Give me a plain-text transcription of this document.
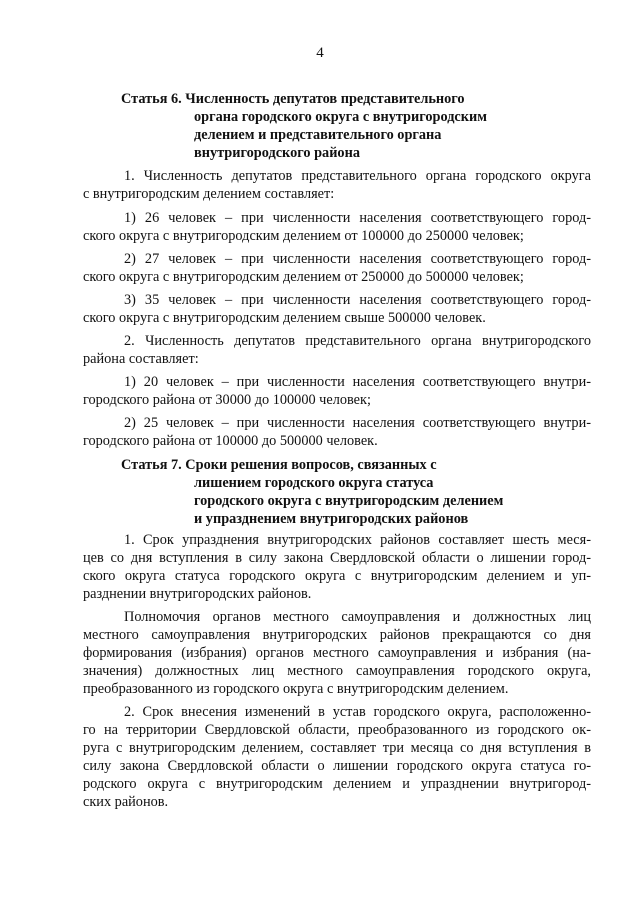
4
Статья 6. Численность депутатов представительного
органа городского округа с внутригородским
делением и представительного органа
внутригородского района
1. Численность депутатов представительного органа городского округа
с внутригородским делением составляет:
1) 26 человек – при численности населения соответствующего город-
ского округа с внутригородским делением от 100000 до 250000 человек;
2) 27 человек – при численности населения соответствующего город-
ского округа с внутригородским делением от 250000 до 500000 человек;
3) 35 человек – при численности населения соответствующего город-
ского округа с внутригородским делением свыше 500000 человек.
2. Численность депутатов представительного органа внутригородского
района составляет:
1) 20 человек – при численности населения соответствующего внутри-
городского района от 30000 до 100000 человек;
2) 25 человек – при численности населения соответствующего внутри-
городского района от 100000 до 500000 человек.
Статья 7. Сроки решения вопросов, связанных с
лишением городского округа статуса
городского округа с внутригородским делением
и упразднением внутригородских районов
1. Срок упразднения внутригородских районов составляет шесть меся-
цев со дня вступления в силу закона Свердловской области о лишении город-
ского округа статуса городского округа с внутригородским делением и уп-
разднении внутригородских районов.
Полномочия органов местного самоуправления и должностных лиц
местного самоуправления внутригородских районов прекращаются со дня
формирования (избрания) органов местного самоуправления и избрания (на-
значения) должностных лиц местного самоуправления городского округа,
преобразованного из городского округа с внутригородским делением.
2. Срок внесения изменений в устав городского округа, расположенно-
го на территории Свердловской области, преобразованного из городского ок-
руга с внутригородским делением, составляет три месяца со дня вступления в
силу закона Свердловской области о лишении городского округа статуса го-
родского округа с внутригородским делением и упразднении внутригород-
ских районов.
